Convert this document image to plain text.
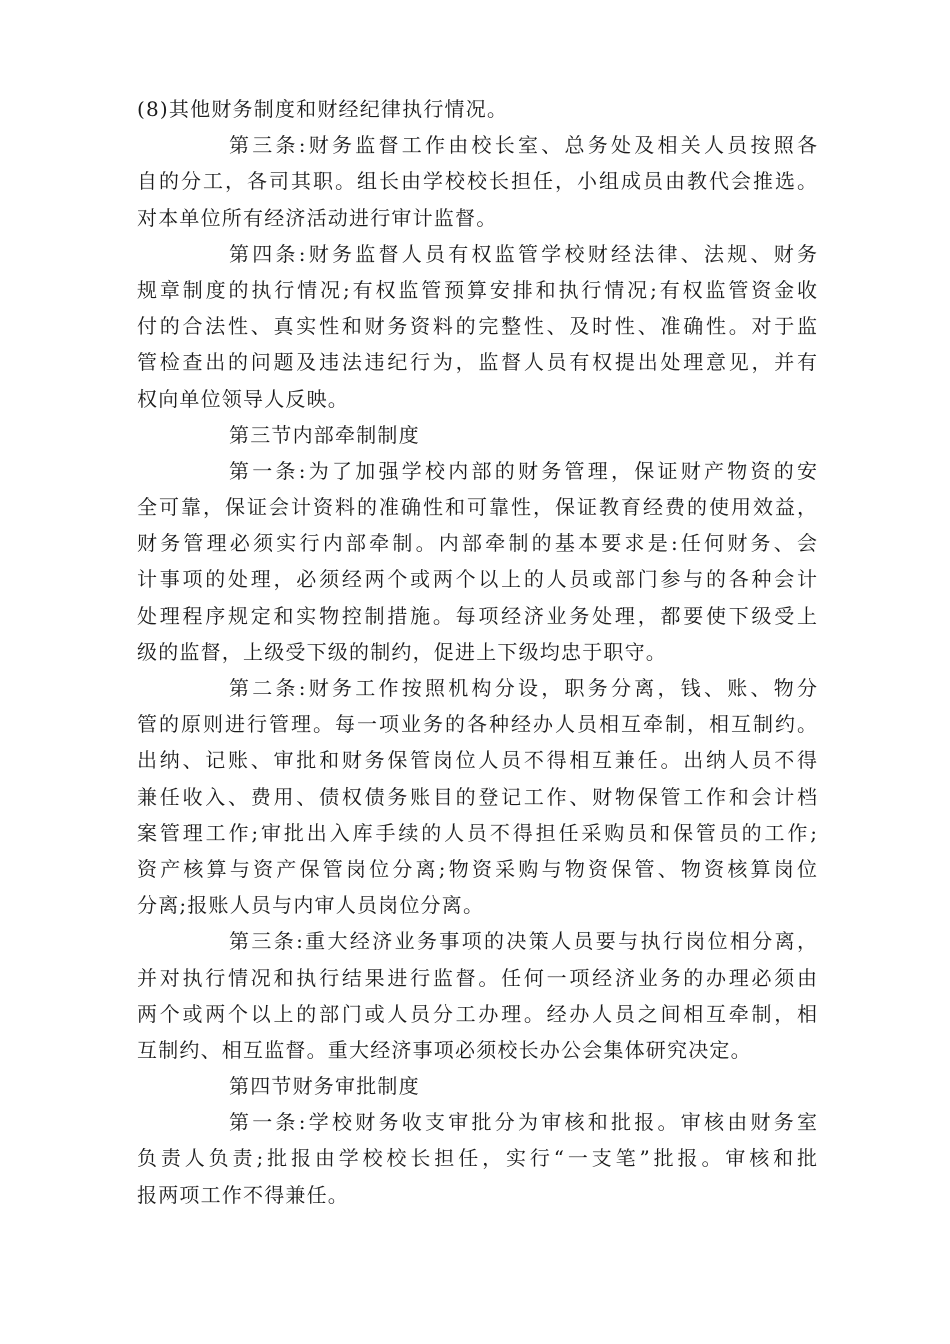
(8)其他财务制度和财经纪律执行情况。
第三条:财务监督工作由校长室、总务处及相关人员按照各
自的分工，各司其职。组长由学校校长担任，小组成员由教代会推选。
对本单位所有经济活动进行审计监督。
第四条:财务监督人员有权监管学校财经法律、法规、财务
规章制度的执行情况;有权监管预算安排和执行情况;有权监管资金收
付的合法性、真实性和财务资料的完整性、及时性、准确性。对于监
管检查出的问题及违法违纪行为，监督人员有权提出处理意见，并有
权向单位领导人反映。
第三节内部牵制制度
第一条:为了加强学校内部的财务管理，保证财产物资的安
全可靠，保证会计资料的准确性和可靠性，保证教育经费的使用效益，
财务管理必须实行内部牵制。内部牵制的基本要求是:任何财务、会
计事项的处理，必须经两个或两个以上的人员或部门参与的各种会计
处理程序规定和实物控制措施。每项经济业务处理，都要使下级受上
级的监督，上级受下级的制约，促进上下级均忠于职守。
第二条:财务工作按照机构分设，职务分离，钱、账、物分
管的原则进行管理。每一项业务的各种经办人员相互牵制，相互制约。
出纳、记账、审批和财务保管岗位人员不得相互兼任。出纳人员不得
兼任收入、费用、债权债务账目的登记工作、财物保管工作和会计档
案管理工作;审批出入库手续的人员不得担任采购员和保管员的工作;
资产核算与资产保管岗位分离;物资采购与物资保管、物资核算岗位
分离;报账人员与内审人员岗位分离。
第三条:重大经济业务事项的决策人员要与执行岗位相分离，
并对执行情况和执行结果进行监督。任何一项经济业务的办理必须由
两个或两个以上的部门或人员分工办理。经办人员之间相互牵制，相
互制约、相互监督。重大经济事项必须校长办公会集体研究决定。
第四节财务审批制度
第一条:学校财务收支审批分为审核和批报。审核由财务室
负责人负责;批报由学校校长担任，实行“一支笔”批报。审核和批
报两项工作不得兼任。
